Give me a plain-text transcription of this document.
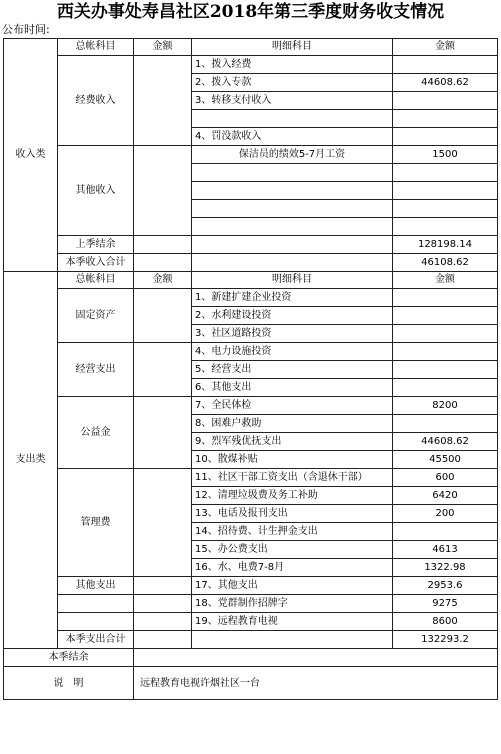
西关办事处寿昌社区2018年第三季度财务收支情况
公布时间:
收入类	总帐科目	金额	明细科目	金额
	经费收入		1、拨入经费	
			2、拨入专款	44608.62
			3、转移支付收入	

			4、罚没款收入	
	其他收入		保洁员的绩效5-7月工资	1500

	上季结余			128198.14
	本季收入合计			46108.62
支出类	总帐科目	金额	明细科目	金额
	固定资产		1、新建扩建企业投资	
			2、水利建设投资	
			3、社区道路投资	
	经营支出		4、电力设施投资	
			5、经营支出	
			6、其他支出	
	公益金		7、全民体检	8200
			8、困难户救助	
			9、烈军残优抚支出	44608.62
			10、散煤补贴	45500
	管理费		11、社区干部工资支出（含退休干部）	600
			12、清理垃圾费及务工补助	6420
			13、电话及报刊支出	200
			14、招待费、计生押金支出	
			15、办公费支出	4613
			16、水、电费7-8月	1322.98
	其他支出		17、其他支出	2953.6
			18、党群制作招牌字	9275
			19、远程教育电视	8600
	本季支出合计			132293.2
本季结余				
说　明		远程教育电视许烟社区一台		
